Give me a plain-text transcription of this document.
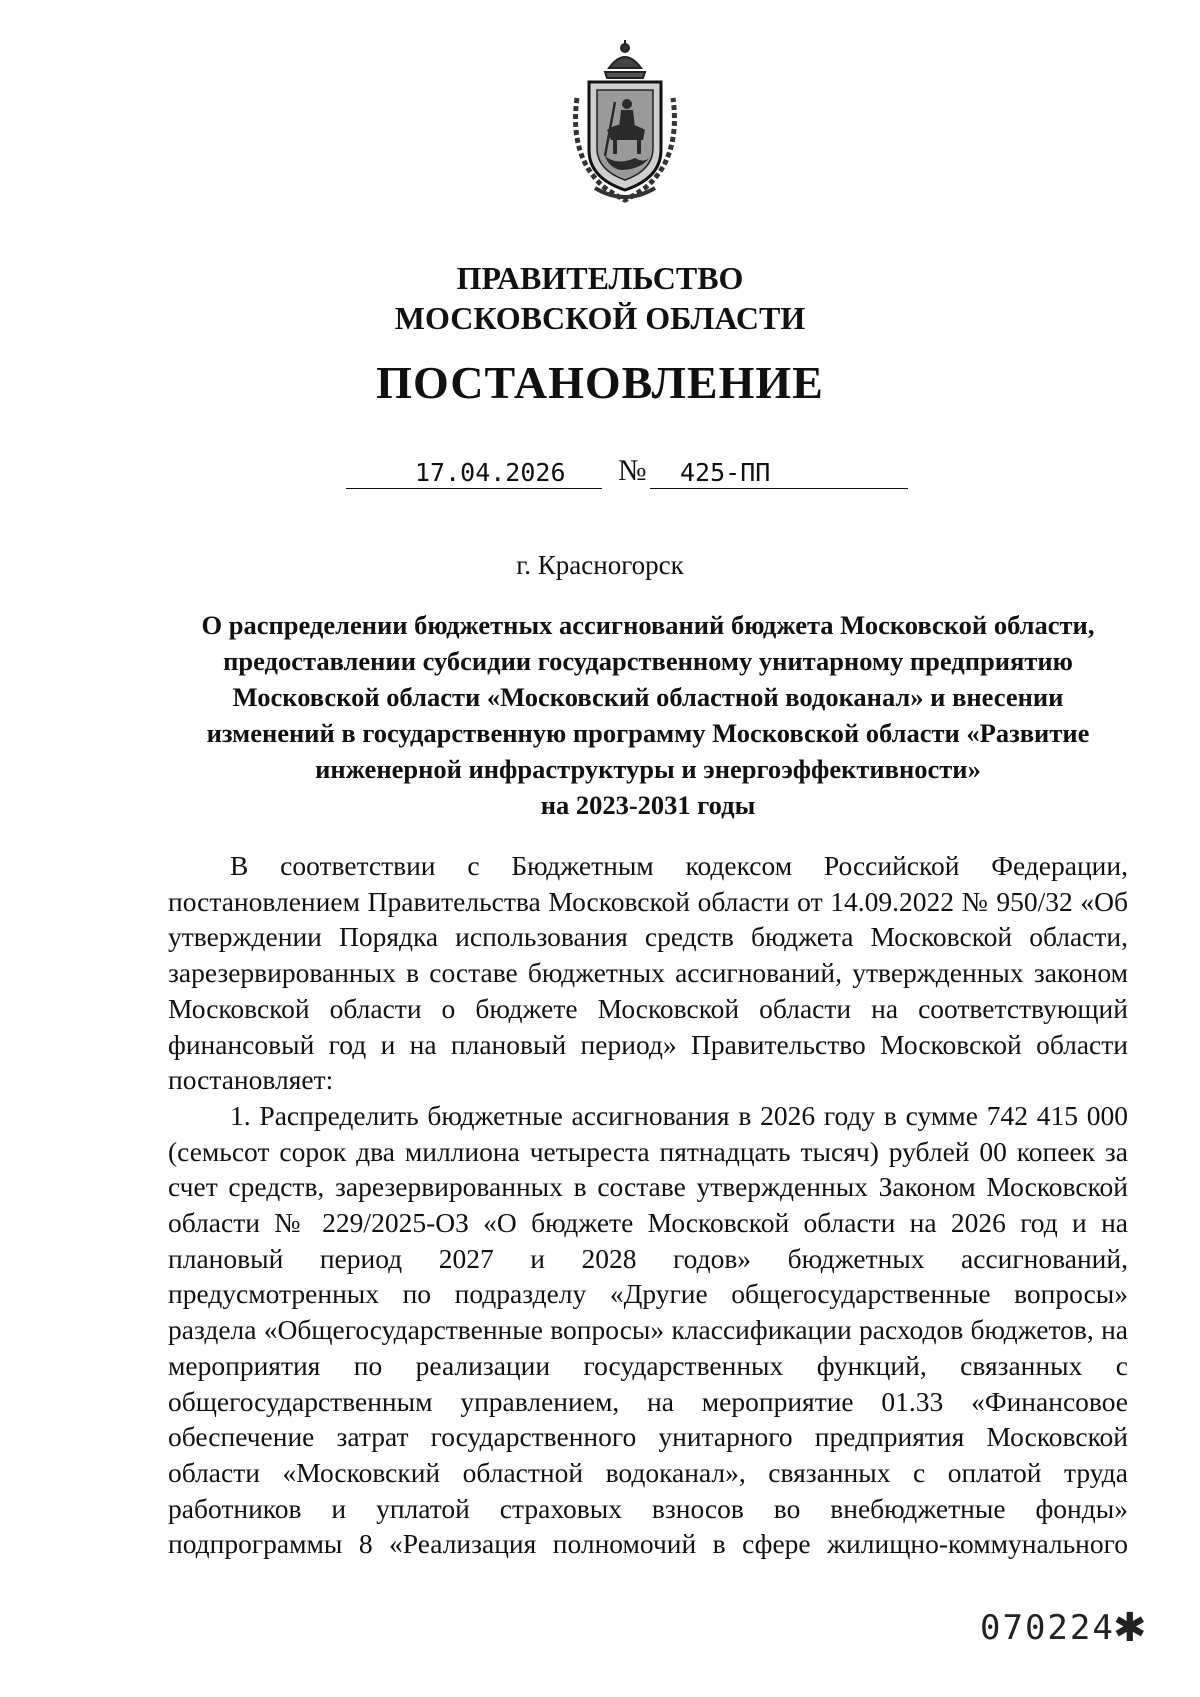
ПРАВИТЕЛЬСТВО
МОСКОВСКОЙ ОБЛАСТИ
ПОСТАНОВЛЕНИЕ
17.04.2026 № 425-ПП
г. Красногорск
О распределении бюджетных ассигнований бюджета Московской области,
предоставлении субсидии государственному унитарному предприятию
Московской области «Московский областной водоканал» и внесении
изменений в государственную программу Московской области «Развитие
инженерной инфраструктуры и энергоэффективности»
на 2023-2031 годы

В соответствии с Бюджетным кодексом Российской Федерации, постановлением Правительства Московской области от 14.09.2022 № 950/32 «Об утверждении Порядка использования средств бюджета Московской области, зарезервированных в составе бюджетных ассигнований, утвержденных законом Московской области о бюджете Московской области на соответствующий финансовый год и на плановый период» Правительство Московской области постановляет:

1. Распределить бюджетные ассигнования в 2026 году в сумме 742 415 000 (семьсот сорок два миллиона четыреста пятнадцать тысяч) рублей 00 копеек за счет средств, зарезервированных в составе утвержденных Законом Московской области № 229/2025-ОЗ «О бюджете Московской области на 2026 год и на плановый период 2027 и 2028 годов» бюджетных ассигнований, предусмотренных по подразделу «Другие общегосударственные вопросы» раздела «Общегосударственные вопросы» классификации расходов бюджетов, на мероприятия по реализации государственных функций, связанных с общегосударственным управлением, на мероприятие 01.33 «Финансовое обеспечение затрат государственного унитарного предприятия Московской области «Московский областной водоканал», связанных с оплатой труда работников и уплатой страховых взносов во внебюджетные фонды» подпрограммы 8 «Реализация полномочий в сфере жилищно-коммунального

070224
✱
